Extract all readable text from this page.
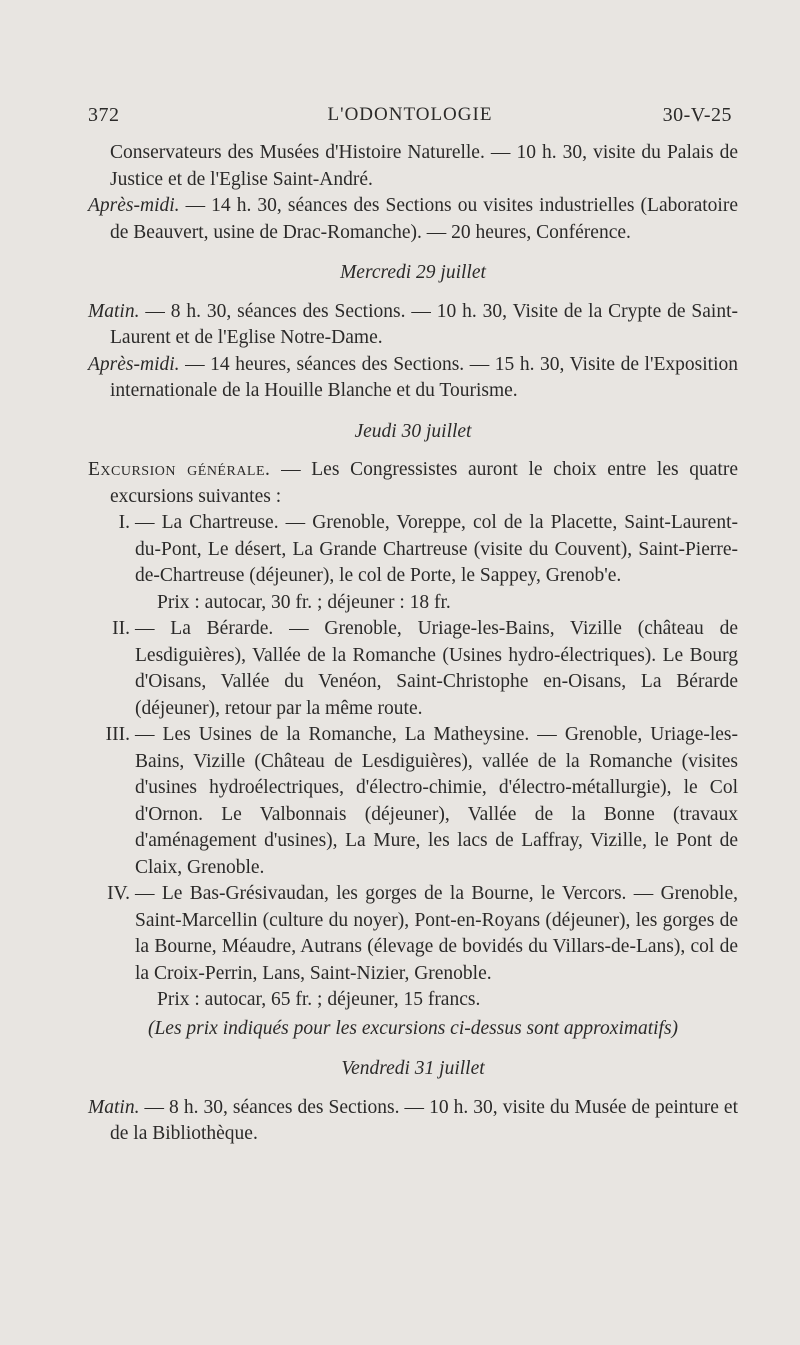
372	L'ODONTOLOGIE	30-V-25

Conservateurs des Musées d'Histoire Naturelle. — 10 h. 30, visite du Palais de Justice et de l'Eglise Saint-André.

Après-midi. — 14 h. 30, séances des Sections ou visites industrielles (Laboratoire de Beauvert, usine de Drac-Romanche). — 20 heures, Conférence.

Mercredi 29 juillet

Matin. — 8 h. 30, séances des Sections. — 10 h. 30, Visite de la Crypte de Saint-Laurent et de l'Eglise Notre-Dame.

Après-midi. — 14 heures, séances des Sections. — 15 h. 30, Visite de l'Exposition internationale de la Houille Blanche et du Tourisme.

Jeudi 30 juillet

Excursion générale. — Les Congressistes auront le choix entre les quatre excursions suivantes :

I. — La Chartreuse. — Grenoble, Voreppe, col de la Placette, Saint-Laurent-du-Pont, Le désert, La Grande Chartreuse (visite du Couvent), Saint-Pierre-de-Chartreuse (déjeuner), le col de Porte, le Sappey, Grenob'e.

Prix : autocar, 30 fr. ; déjeuner : 18 fr.

II. — La Bérarde. — Grenoble, Uriage-les-Bains, Vizille (château de Lesdiguières), Vallée de la Romanche (Usines hydro-électriques). Le Bourg d'Oisans, Vallée du Venéon, Saint-Christophe en-Oisans, La Bérarde (déjeuner), retour par la même route.

III. — Les Usines de la Romanche, La Matheysine. — Grenoble, Uriage-les-Bains, Vizille (Château de Lesdiguières), vallée de la Romanche (visites d'usines hydroélectriques, d'électro-chimie, d'électro-métallurgie), le Col d'Ornon. Le Valbonnais (déjeuner), Vallée de la Bonne (travaux d'aménagement d'usines), La Mure, les lacs de Laffray, Vizille, le Pont de Claix, Grenoble.

IV. — Le Bas-Grésivaudan, les gorges de la Bourne, le Vercors. — Grenoble, Saint-Marcellin (culture du noyer), Pont-en-Royans (déjeuner), les gorges de la Bourne, Méaudre, Autrans (élevage de bovidés du Villars-de-Lans), col de la Croix-Perrin, Lans, Saint-Nizier, Grenoble.

Prix : autocar, 65 fr. ; déjeuner, 15 francs.

(Les prix indiqués pour les excursions ci-dessus sont approximatifs)

Vendredi 31 juillet

Matin. — 8 h. 30, séances des Sections. — 10 h. 30, visite du Musée de peinture et de la Bibliothèque.
